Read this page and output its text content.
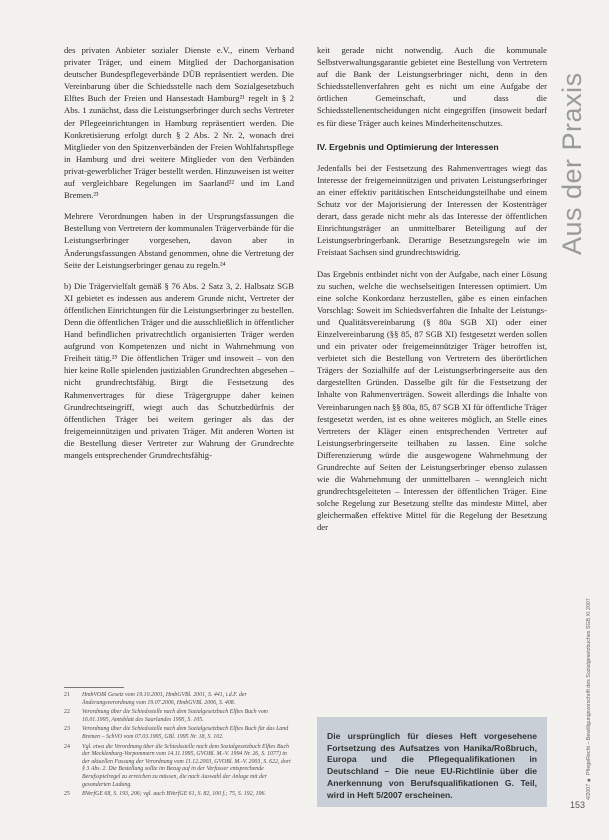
des privaten Anbieter sozialer Dienste e.V., einem Verband privater Träger, und einem Mitglied der Dachorganisation deutscher Bundespflegeverbände DÜB repräsentiert werden. Die Vereinbarung über die Schiedsstelle nach dem Sozialgesetzbuch Elftes Buch der Freien und Hansestadt Hamburg²¹ regelt in § 2 Abs. 1 zunächst, dass die Leistungserbringer durch sechs Vertreter der Pflegeeinrichtungen in Hamburg repräsentiert werden. Die Konkretisierung erfolgt durch § 2 Abs. 2 Nr. 2, wonach drei Mitglieder von den Spitzenverbänden der Freien Wohlfahrtspflege in Hamburg und drei weitere Mitglieder von den Verbänden privat-gewerblicher Träger bestellt werden. Hinzuweisen ist weiter auf vergleichbare Regelungen im Saarland²² und im Land Bremen.²³

Mehrere Verordnungen haben in der Ursprungsfassungen die Bestellung von Vertretern der kommunalen Trägerverbände für die Leistungserbringer vorgesehen, davon aber in Änderungsfassungen Abstand genommen, ohne die Vertretung der Seite der Leistungserbringer genau zu regeln.²⁴

b) Die Trägervielfalt gemäß § 76 Abs. 2 Satz 3, 2. Halbsatz SGB XI gebietet es indessen aus anderem Grunde nicht, Vertreter der öffentlichen Einrichtungen für die Leistungserbringer zu bestellen. Denn die öffentlichen Träger und die ausschließlich in öffentlicher Hand befindlichen privatrechtlich organisierten Träger werden aufgrund von Kompetenzen und nicht in Wahrnehmung von Freiheit tätig.²⁵ Die öffentlichen Träger und insoweit – von den hier keine Rolle spielenden justiziablen Grundrechten abgesehen – nicht grundrechtsfähig. Birgt die Festsetzung des Rahmenvertrages für diese Trägergruppe daher keinen Grundrechtseingriff, wiegt auch das Schutzbedürfnis der öffentlichen Träger bei weitem geringer als das der freigemeinnützigen und privaten Träger. Mit anderen Worten ist die Bestellung dieser Vertreter zur Wahrung der Grundrechte mangels entsprechender Grundrechtsfähig-

21	HmbVOBl Gesetz vom 19.10.2001, HmbGVBl. 2001, S. 441, i.d.F. der Änderungsverordnung vom 19.07.2006, HmbGVBl. 2006, S. 408.
22	Verordnung über die Schiedsstelle nach dem Sozialgesetzbuch Elftes Buch vom 16.01.1995, Amtsblatt des Saarlandes 1995, S. 105.
23	Verordnung über die Schiedsstelle nach dem Sozialgesetzbuch Elftes Buch für das Land Bremen – SchVO vom 07.03.1995, GBl. 1995 Nr. 18, S. 102.
24	Vgl. etwa die Verordnung über die Schiedsstelle nach dem Sozialgesetzbuch Elftes Buch der Mecklenburg-Vorpommern vom 14.11.1995, GVOBl. M.-V. 1994 Nr. 26, S. 1077) in der aktuellen Fassung der Verordnung vom 11.12.2003, GVOBl. M.-V. 2003, S. 622, dort § 3 Abs. 2. Die Bestellung sollte im Bezug auf in der Verfasser entsprechende Berufsspielregel zu erreichen zu müssen, die nach Auswahl der Anlage mit der gesonderten Ladung.
25	BVerfGE 68, S. 193, 206; vgl. auch BVerfGE 61, S. 82, 100 f.; 75, S. 192, 196.

keit gerade nicht notwendig. Auch die kommunale Selbstverwaltungsgarantie gebietet eine Bestellung von Vertretern auf die Bank der Leistungserbringer nicht, denn in den Schiedsstellenverfahren geht es nicht um eine Aufgabe der örtlichen Gemeinschaft, und dass die Schiedsstellenentscheidungen nicht eingegriffen (insoweit bedarf es für diese Träger auch keines Minderheitenschutzes.

IV. Ergebnis und Optimierung der Interessen

Jedenfalls bei der Festsetzung des Rahmenvertrages wiegt das Interesse der freigemeinnützigen und privaten Leistungserbringer an einer effektiv paritätischen Entscheidungsteilhabe und einem Schutz vor der Majorisierung der Interessen der Kostenträger derart, dass gerade nicht mehr als das Interesse der öffentlichen Einrichtungsträger an unmittelbarer Beteiligung auf der Leistungserbringerbank. Derartige Besetzungsregeln wie im Freistaat Sachsen sind grundrechtswidrig.

Das Ergebnis entbindet nicht von der Aufgabe, nach einer Lösung zu suchen, welche die wechselseitigen Interessen optimiert. Um eine solche Konkordanz herzustellen, gäbe es einen einfachen Vorschlag: Soweit im Schiedsverfahren die Inhalte der Leistungs- und Qualitätsvereinbarung (§ 80a SGB XI) oder einer Einzelvereinbarung (§§ 85, 87 SGB XI) festgesetzt werden sollen und ein privater oder freigemeinnütziger Träger betroffen ist, verbietet sich die Bestellung von Vertretern des überörtlichen Trägers der Sozialhilfe auf der Leistungserbringerseite aus den dargestellten Gründen. Dasselbe gilt für die Festsetzung der Inhalte von Rahmenverträgen. Soweit allerdings die Inhalte von Vereinbarungen nach §§ 80a, 85, 87 SGB XI für öffentliche Träger festgesetzt werden, ist es ohne weiteres möglich, an Stelle eines Vertreters der Kläger einen entsprechenden Vertreter auf Leistungserbringerseite teilhaben zu lassen. Eine solche Differenzierung würde die ausgewogene Wahrnehmung der Grundrechte auf Seiten der Leistungserbringer ebenso zulassen wie die Wahrnehmung der unmittelbaren – wenngleich nicht grundrechtsgeleiteten – Interessen der öffentlichen Träger. Eine solche Regelung zur Besetzung stellte das mindeste Mittel, aber gleichermaßen effektive Mittel für die Regelung der Besetzung der

Die ursprünglich für dieses Heft vorgesehene Fortsetzung des Aufsatzes von Hanika/Roßbruch, Europa und die Pflegequalifikationen in Deutschland – Die neue EU-Richtlinie über die Anerkennung von Berufsqualifikationen G. Teil, wird in Heft 5/2007 erscheinen.
Aus der Praxis
4/2007 ■ PflegeRecht – Bewilligungsvorschrift des Sozialgesetzbuches SGB XI 2007
153
